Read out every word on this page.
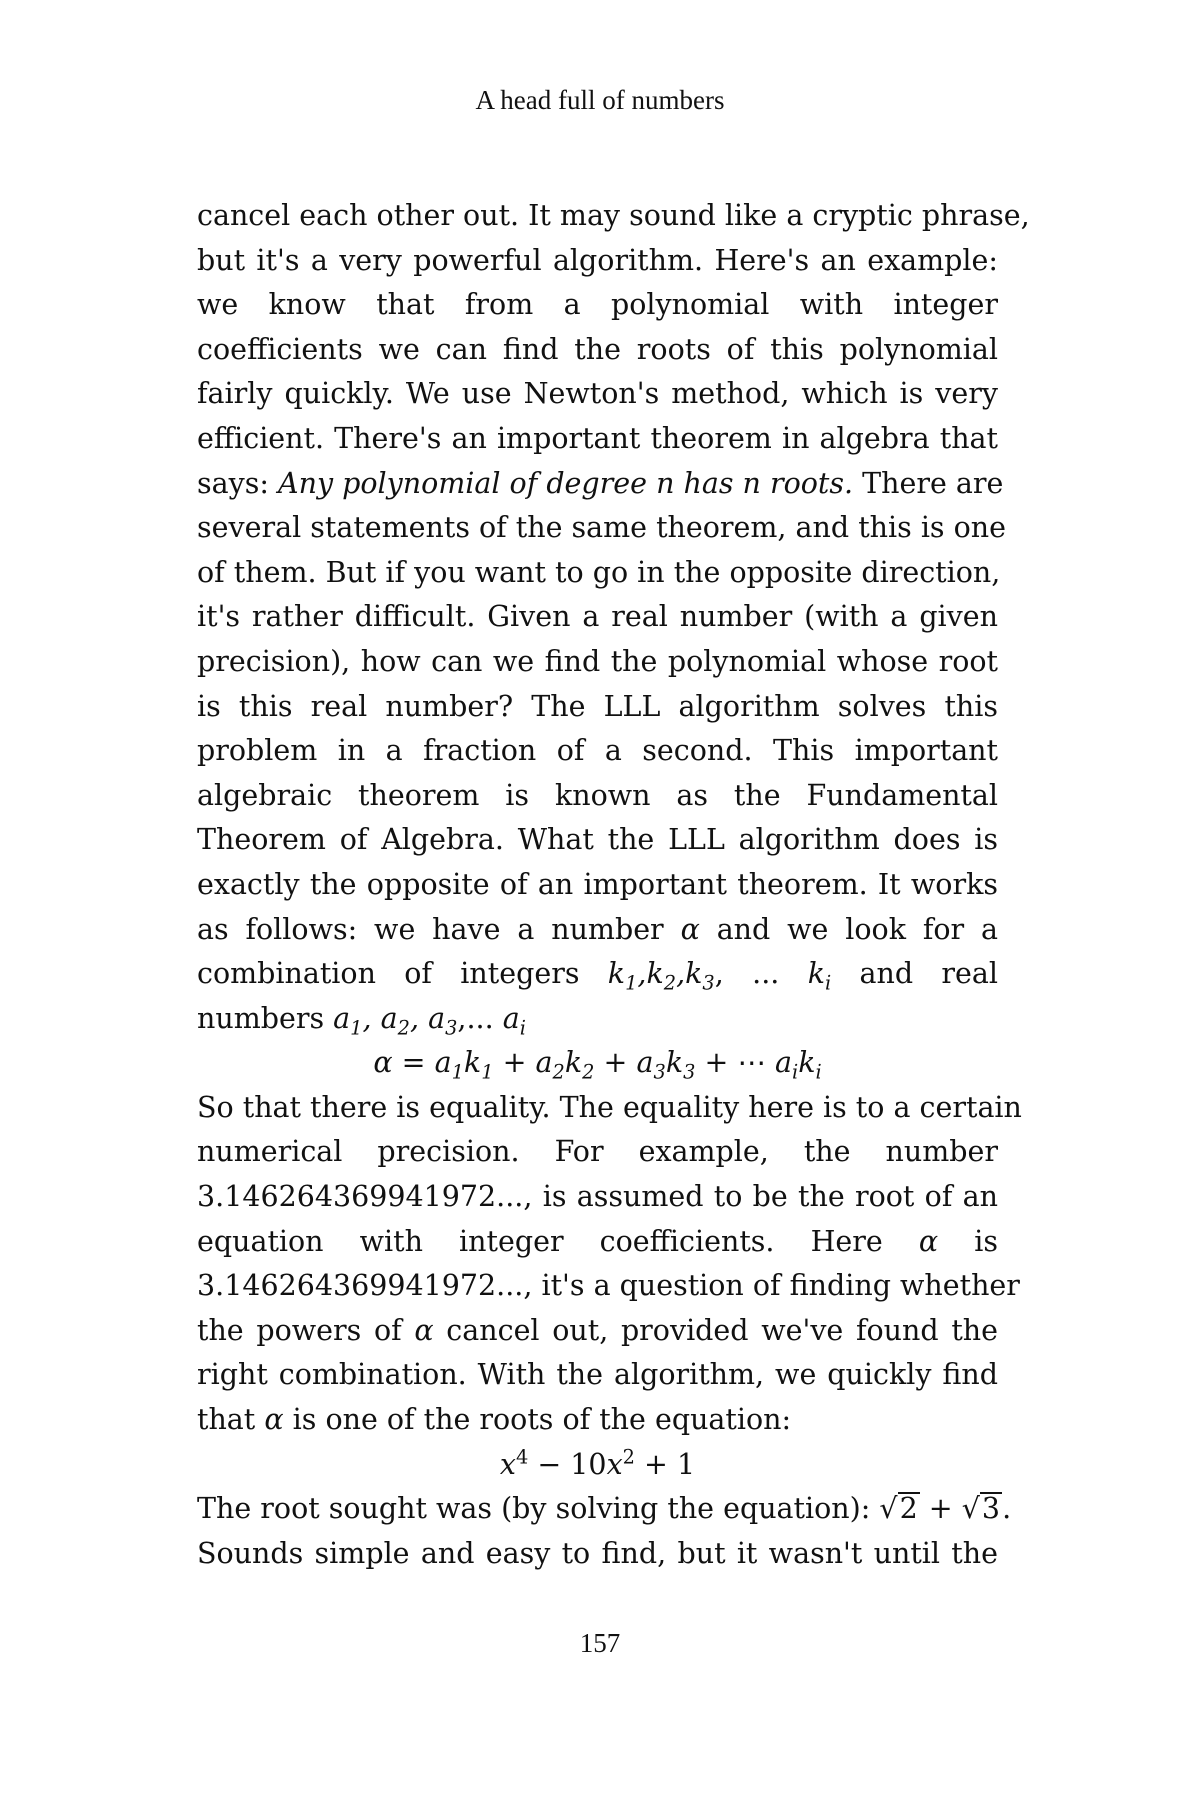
A head full of numbers
cancel each other out. It may sound like a cryptic phrase,
but it's a very powerful algorithm. Here's an example:
we know that from a polynomial with integer
coefficients we can find the roots of this polynomial
fairly quickly. We use Newton's method, which is very
efficient. There's an important theorem in algebra that
says: Any polynomial of degree n has n roots. There are
several statements of the same theorem, and this is one
of them. But if you want to go in the opposite direction,
it's rather difficult. Given a real number (with a given
precision), how can we find the polynomial whose root
is this real number? The LLL algorithm solves this
problem in a fraction of a second. This important
algebraic theorem is known as the Fundamental
Theorem of Algebra. What the LLL algorithm does is
exactly the opposite of an important theorem. It works
as follows: we have a number α and we look for a
combination of integers $k_1,k_2,k_3$, ... $k_i$ and real
numbers $a_1$, $a_2$, $a_3$,... $a_i$
$\alpha = a_1k_1 + a_2k_2 + a_3k_3$ + ⋯ $a_ik_i$
So that there is equality. The equality here is to a certain
numerical precision. For example, the number
3.146264369941972..., is assumed to be the root of an
equation with integer coefficients. Here α is
3.146264369941972..., it's a question of finding whether
the powers of α cancel out, provided we've found the
right combination. With the algorithm, we quickly find
that α is one of the roots of the equation:
$x^4 - 10x^2 + 1$
The root sought was (by solving the equation): √2 + √3.
Sounds simple and easy to find, but it wasn't until the
157
